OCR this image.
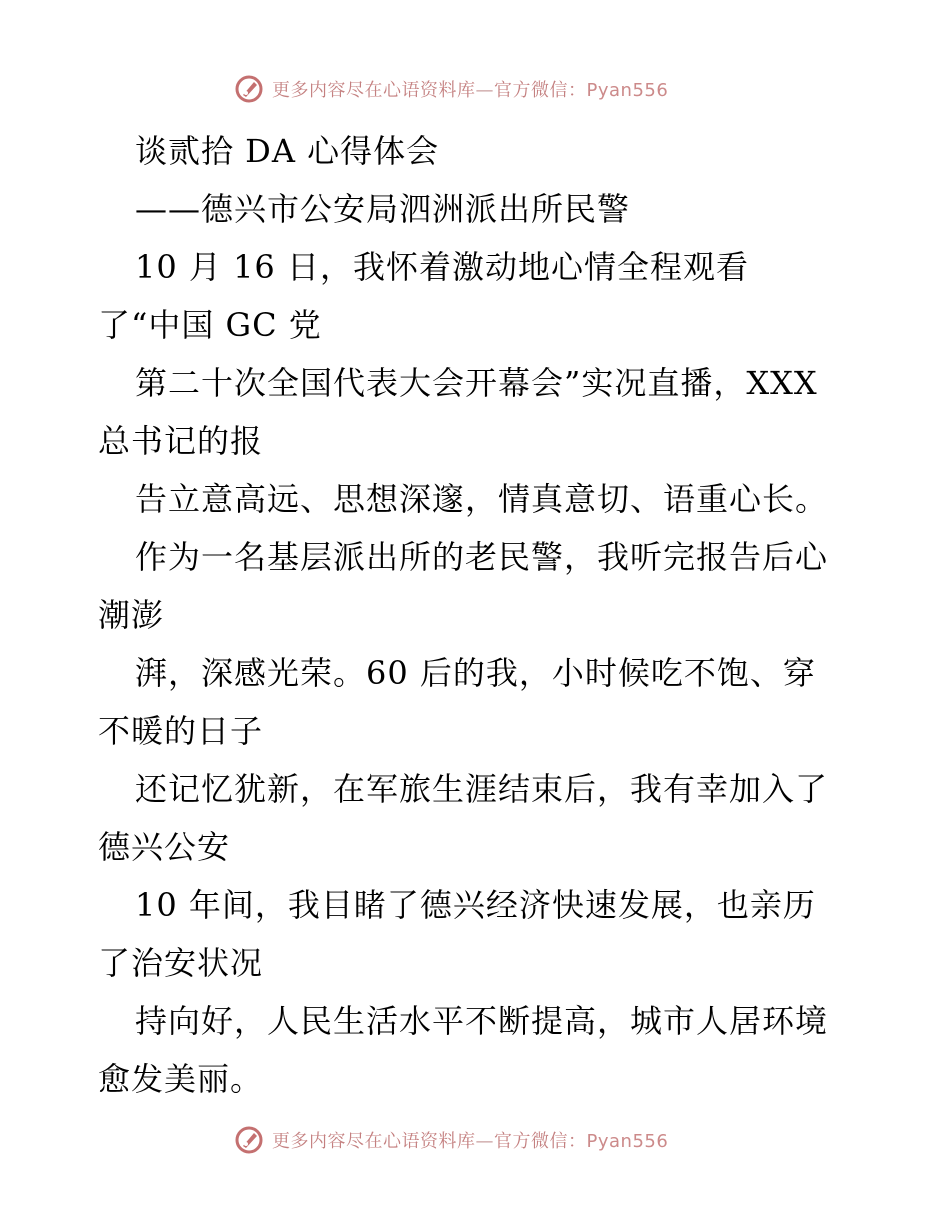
更多内容尽在心语资料库—官方微信：Pyan556
谈贰拾 DA 心得体会
——德兴市公安局泗洲派出所民警
10 月 16 日，我怀着激动地心情全程观看
了“中国 GC 党
第二十次全国代表大会开幕会”实况直播，XXX
总书记的报
告立意高远、思想深邃，情真意切、语重心长。
作为一名基层派出所的老民警，我听完报告后心
潮澎
湃，深感光荣。60 后的我，小时候吃不饱、穿
不暖的日子
还记忆犹新，在军旅生涯结束后，我有幸加入了
德兴公安
10 年间，我目睹了德兴经济快速发展，也亲历
了治安状况
持向好，人民生活水平不断提高，城市人居环境
愈发美丽。
更多内容尽在心语资料库—官方微信：Pyan556
